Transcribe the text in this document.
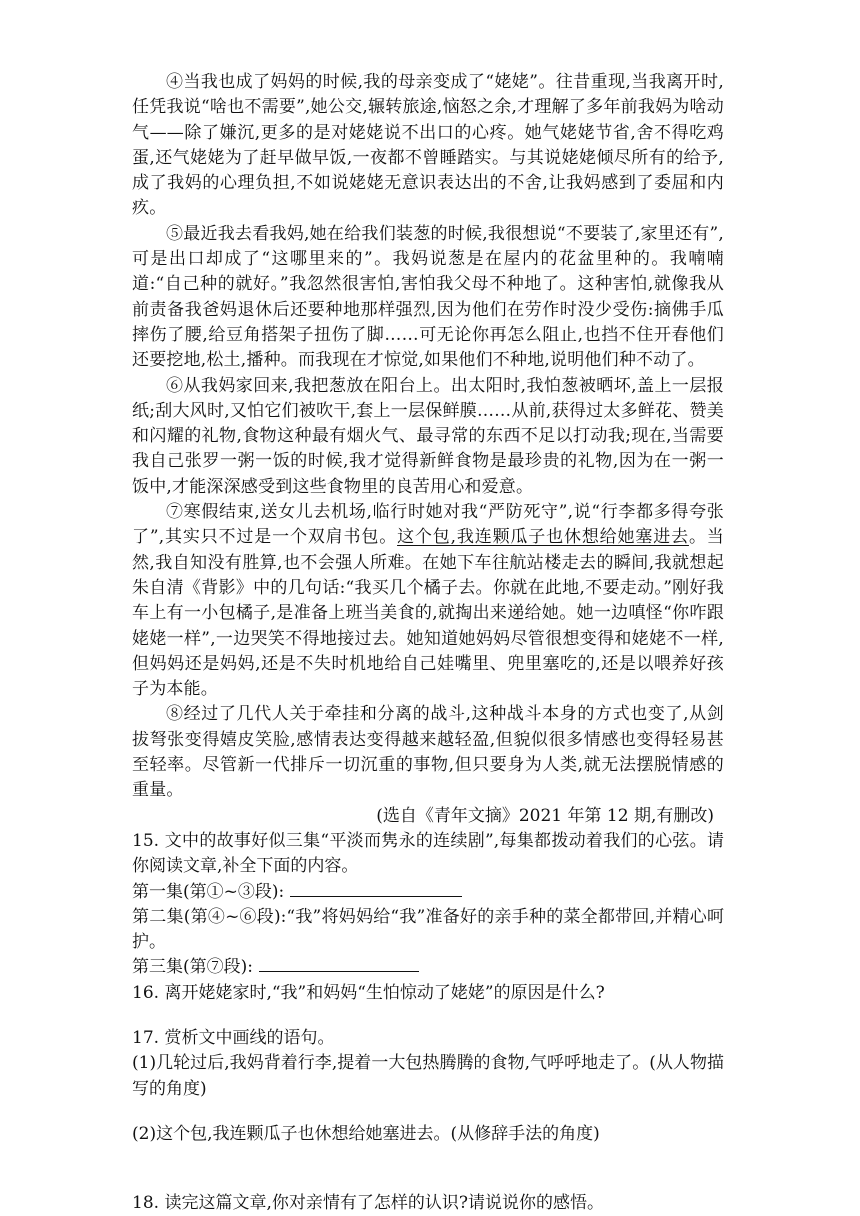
④当我也成了妈妈的时候,我的母亲变成了“姥姥”。往昔重现,当我离开时,任凭我说“啥也不需要”,她公交,辗转旅途,恼怒之余,才理解了多年前我妈为啥动气——除了嫌沉,更多的是对姥姥说不出口的心疼。她气姥姥节省,舍不得吃鸡蛋,还气姥姥为了赶早做早饭,一夜都不曾睡踏实。与其说姥姥倾尽所有的给予,成了我妈的心理负担,不如说姥姥无意识表达出的不舍,让我妈感到了委屈和内疚。

⑤最近我去看我妈,她在给我们装葱的时候,我很想说“不要装了,家里还有”,可是出口却成了“这哪里来的”。我妈说葱是在屋内的花盆里种的。我喃喃道:“自己种的就好。”我忽然很害怕,害怕我父母不种地了。这种害怕,就像我从前责备我爸妈退休后还要种地那样强烈,因为他们在劳作时没少受伤:摘佛手瓜摔伤了腰,给豆角搭架子扭伤了脚……可无论你再怎么阻止,也挡不住开春他们还要挖地,松土,播种。而我现在才惊觉,如果他们不种地,说明他们种不动了。

⑥从我妈家回来,我把葱放在阳台上。出太阳时,我怕葱被晒坏,盖上一层报纸;刮大风时,又怕它们被吹干,套上一层保鲜膜……从前,获得过太多鲜花、赞美和闪耀的礼物,食物这种最有烟火气、最寻常的东西不足以打动我;现在,当需要我自己张罗一粥一饭的时候,我才觉得新鲜食物是最珍贵的礼物,因为在一粥一饭中,才能深深感受到这些食物里的良苦用心和爱意。

⑦寒假结束,送女儿去机场,临行时她对我“严防死守”,说“行李都多得夸张了”,其实只不过是一个双肩书包。这个包,我连颗瓜子也休想给她塞进去。当然,我自知没有胜算,也不会强人所难。在她下车往航站楼走去的瞬间,我就想起朱自清《背影》中的几句话:“我买几个橘子去。你就在此地,不要走动。”刚好我车上有一小包橘子,是准备上班当美食的,就掏出来递给她。她一边嗔怪“你咋跟姥姥一样”,一边哭笑不得地接过去。她知道她妈妈尽管很想变得和姥姥不一样,但妈妈还是妈妈,还是不失时机地给自己娃嘴里、兜里塞吃的,还是以喂养好孩子为本能。

⑧经过了几代人关于牵挂和分离的战斗,这种战斗本身的方式也变了,从剑拔弩张变得嬉皮笑脸,感情表达变得越来越轻盈,但貌似很多情感也变得轻易甚至轻率。尽管新一代排斥一切沉重的事物,但只要身为人类,就无法摆脱情感的重量。

(选自《青年文摘》2021 年第 12 期,有删改)

15. 文中的故事好似三集“平淡而隽永的连续剧”,每集都拨动着我们的心弦。请你阅读文章,补全下面的内容。

第一集(第①~③段):

第二集(第④~⑥段):“我”将妈妈给“我”准备好的亲手种的菜全都带回,并精心呵护。

第三集(第⑦段):

16. 离开姥姥家时,“我”和妈妈“生怕惊动了姥姥”的原因是什么?

17. 赏析文中画线的语句。

(1)几轮过后,我妈背着行李,提着一大包热腾腾的食物,气呼呼地走了。(从人物描写的角度)

(2)这个包,我连颗瓜子也休想给她塞进去。(从修辞手法的角度)

18. 读完这篇文章,你对亲情有了怎样的认识?请说说你的感悟。
